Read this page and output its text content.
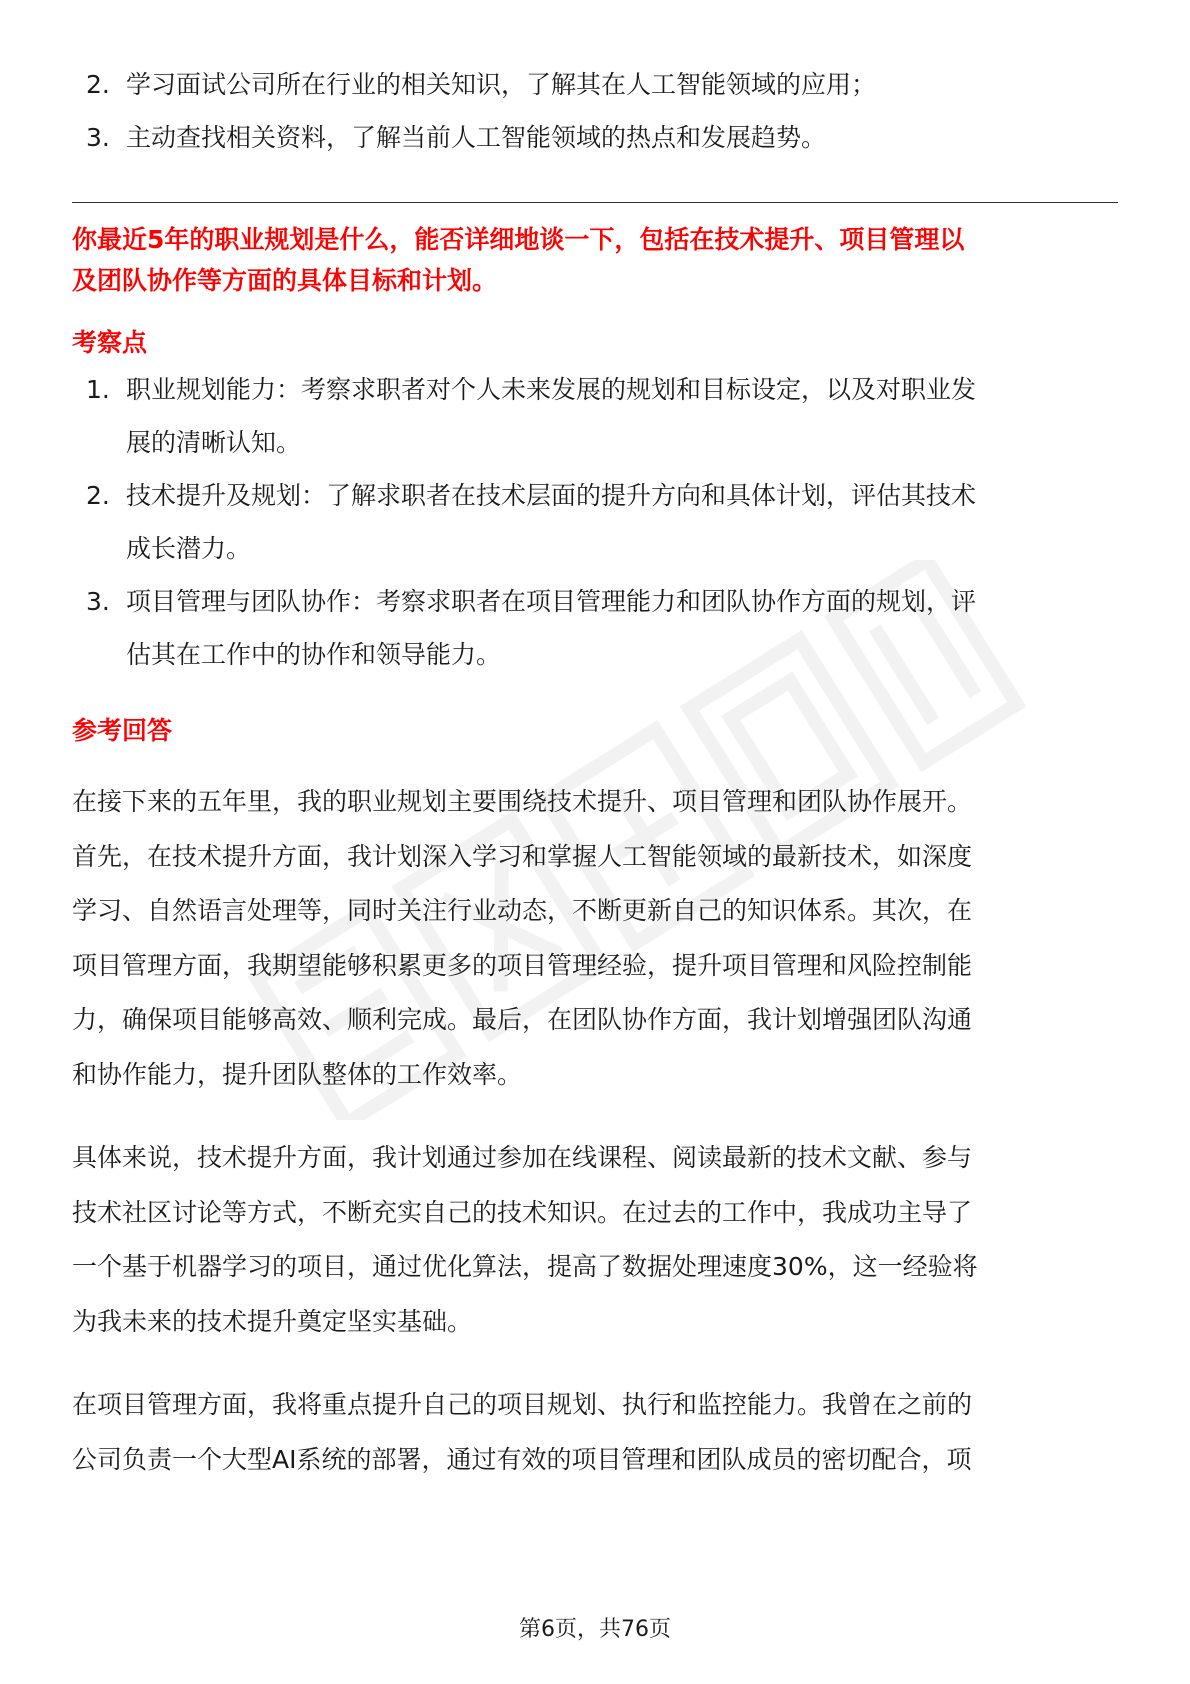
2. 学习面试公司所在行业的相关知识，了解其在人工智能领域的应用；
3. 主动查找相关资料，了解当前人工智能领域的热点和发展趋势。
你最近5年的职业规划是什么，能否详细地谈一下，包括在技术提升、项目管理以
及团队协作等方面的具体目标和计划。
考察点
1. 职业规划能力：考察求职者对个人未来发展的规划和目标设定，以及对职业发
展的清晰认知。
2. 技术提升及规划：了解求职者在技术层面的提升方向和具体计划，评估其技术
成长潜力。
3. 项目管理与团队协作：考察求职者在项目管理能力和团队协作方面的规划，评
估其在工作中的协作和领导能力。
参考回答
在接下来的五年里，我的职业规划主要围绕技术提升、项目管理和团队协作展开。
首先，在技术提升方面，我计划深入学习和掌握人工智能领域的最新技术，如深度
学习、自然语言处理等，同时关注行业动态，不断更新自己的知识体系。其次，在
项目管理方面，我期望能够积累更多的项目管理经验，提升项目管理和风险控制能
力，确保项目能够高效、顺利完成。最后，在团队协作方面，我计划增强团队沟通
和协作能力，提升团队整体的工作效率。
具体来说，技术提升方面，我计划通过参加在线课程、阅读最新的技术文献、参与
技术社区讨论等方式，不断充实自己的技术知识。在过去的工作中，我成功主导了
一个基于机器学习的项目，通过优化算法，提高了数据处理速度30%，这一经验将
为我未来的技术提升奠定坚实基础。
在项目管理方面，我将重点提升自己的项目规划、执行和监控能力。我曾在之前的
公司负责一个大型AI系统的部署，通过有效的项目管理和团队成员的密切配合，项
第6页，共76页
